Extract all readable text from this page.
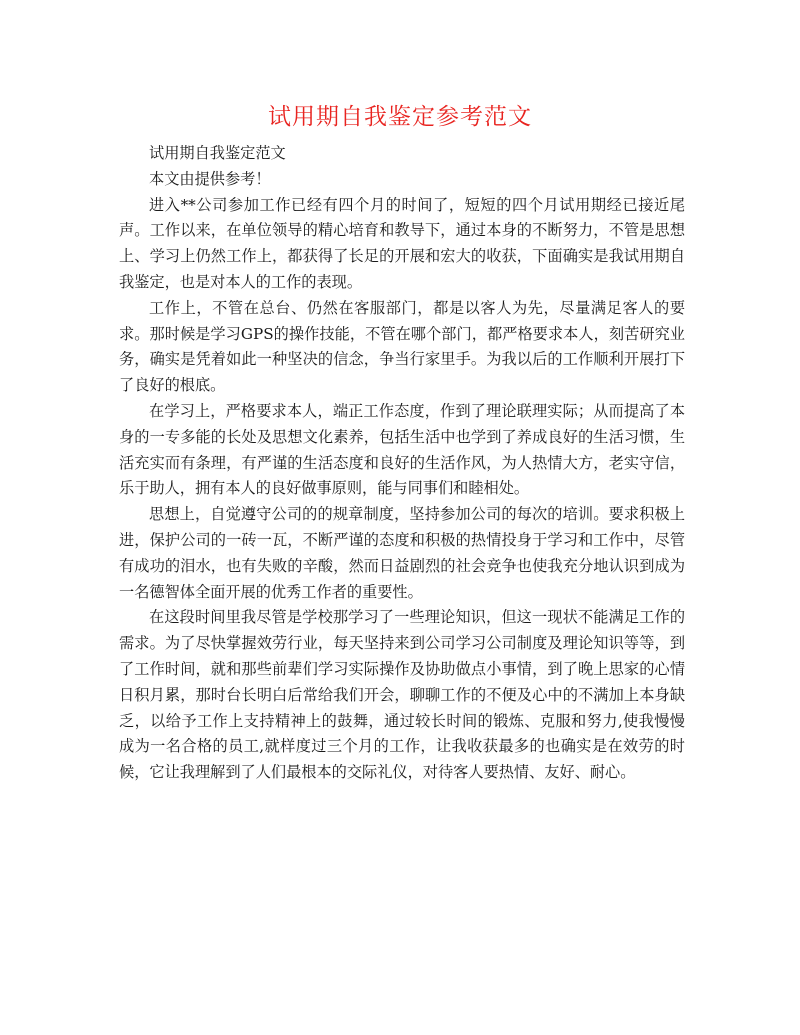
试用期自我鉴定参考范文

试用期自我鉴定范文

本文由提供参考！

进入**公司参加工作已经有四个月的时间了，短短的四个月试用期经已接近尾声。工作以来，在单位领导的精心培育和教导下，通过本身的不断努力，不管是思想上、学习上仍然工作上，都获得了长足的开展和宏大的收获，下面确实是我试用期自我鉴定，也是对本人的工作的表现。

工作上，不管在总台、仍然在客服部门，都是以客人为先，尽量满足客人的要求。那时候是学习GPS的操作技能，不管在哪个部门，都严格要求本人，刻苦研究业务，确实是凭着如此一种坚决的信念，争当行家里手。为我以后的工作顺利开展打下了良好的根底。

在学习上，严格要求本人，端正工作态度，作到了理论联理实际；从而提高了本身的一专多能的长处及思想文化素养，包括生活中也学到了养成良好的生活习惯，生活充实而有条理，有严谨的生活态度和良好的生活作风，为人热情大方，老实守信，乐于助人，拥有本人的良好做事原则，能与同事们和睦相处。

思想上，自觉遵守公司的的规章制度，坚持参加公司的每次的培训。要求积极上进，保护公司的一砖一瓦，不断严谨的态度和积极的热情投身于学习和工作中，尽管有成功的泪水，也有失败的辛酸，然而日益剧烈的社会竞争也使我充分地认识到成为一名德智体全面开展的优秀工作者的重要性。

在这段时间里我尽管是学校那学习了一些理论知识，但这一现状不能满足工作的需求。为了尽快掌握效劳行业，每天坚持来到公司学习公司制度及理论知识等等，到了工作时间，就和那些前辈们学习实际操作及协助做点小事情，到了晚上思家的心情日积月累，那时台长明白后常给我们开会，聊聊工作的不便及心中的不满加上本身缺乏，以给予工作上支持精神上的鼓舞，通过较长时间的锻炼、克服和努力,使我慢慢成为一名合格的员工,就样度过三个月的工作，让我收获最多的也确实是在效劳的时候，它让我理解到了人们最根本的交际礼仪，对待客人要热情、友好、耐心。
